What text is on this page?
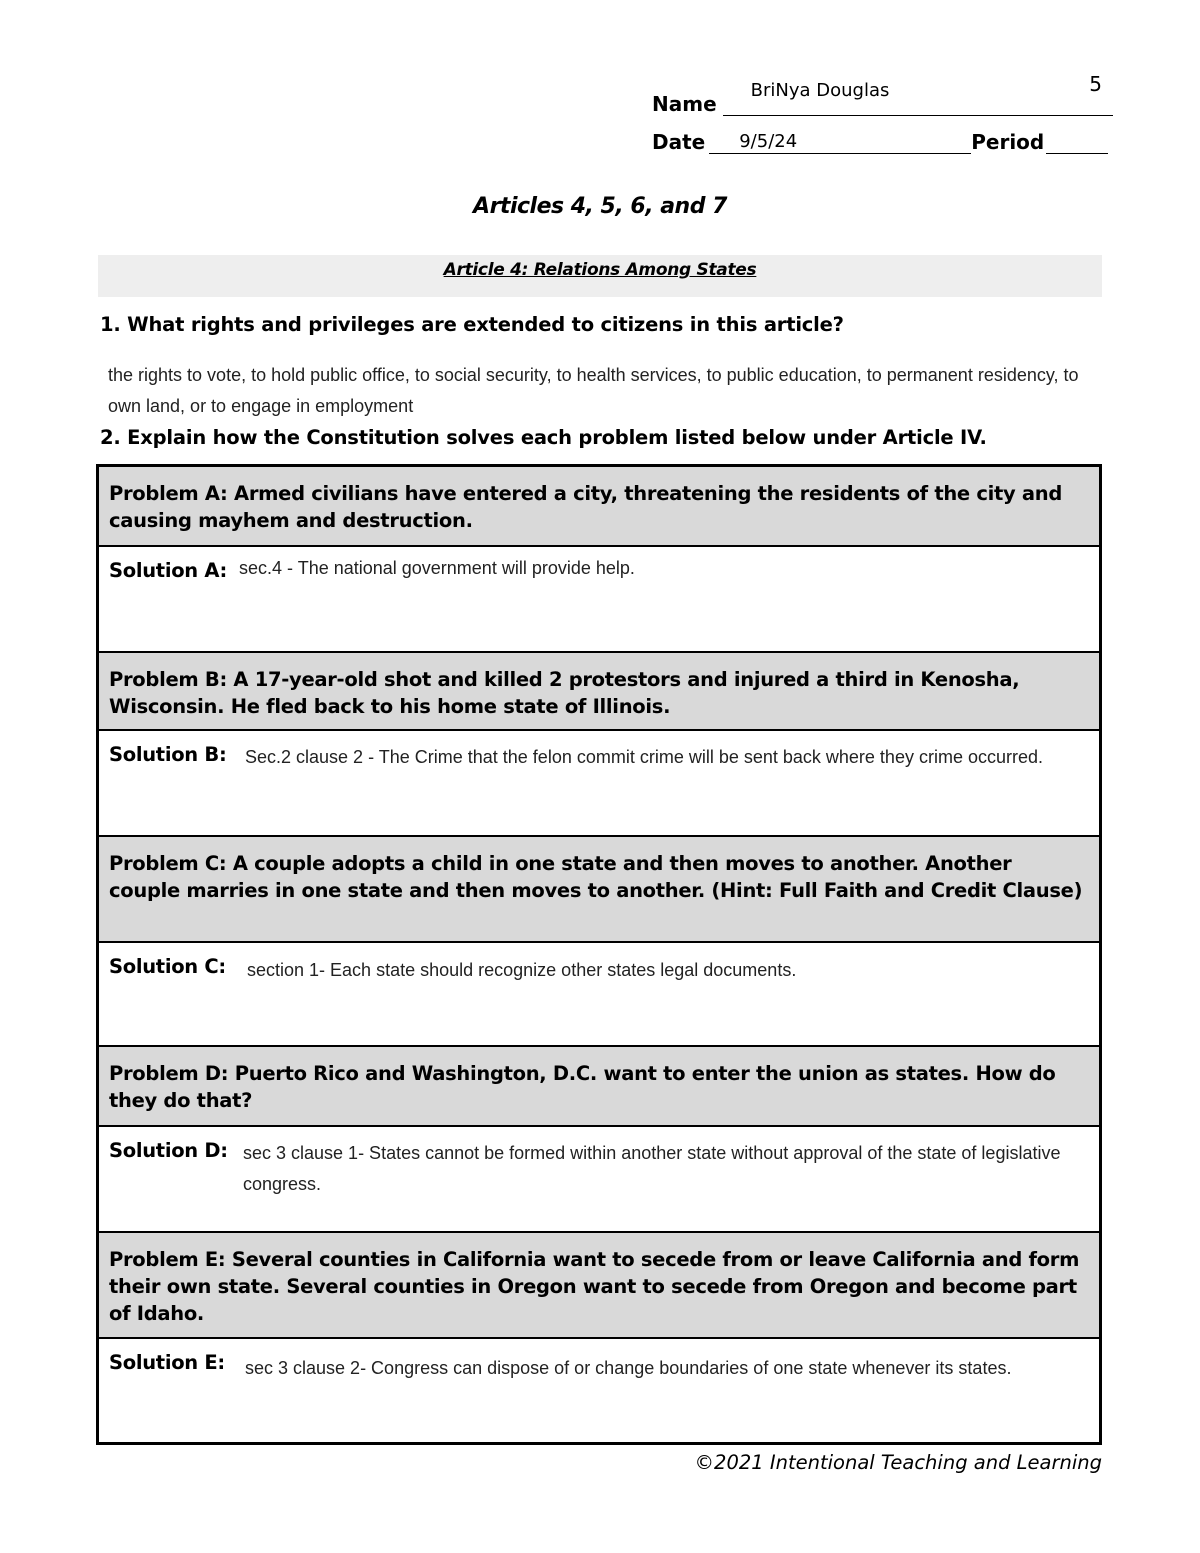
5
Name
BriNya Douglas
Date 9/5/24	Period
Articles 4, 5, 6, and 7
Article 4: Relations Among States
1. What rights and privileges are extended to citizens in this article?
the rights to vote, to hold public office, to social security, to health services, to public education, to permanent residency, to own land, or to engage in employment
2. Explain how the Constitution solves each problem listed below under Article IV.
Problem A: Armed civilians have entered a city, threatening the residents of the city and causing mayhem and destruction.
Solution A: sec.4 - The national government will provide help.
Problem B: A 17-year-old shot and killed 2 protestors and injured a third in Kenosha, Wisconsin. He fled back to his home state of Illinois.
Solution B:	Sec.2 clause 2 - The Crime that the felon commit crime will be sent back where they crime occurred.
Problem C: A couple adopts a child in one state and then moves to another. Another couple marries in one state and then moves to another. (Hint: Full Faith and Credit Clause)
Solution C:	section 1- Each state should recognize other states legal documents.
Problem D: Puerto Rico and Washington, D.C. want to enter the union as states. How do they do that?
Solution D: sec 3 clause 1- States cannot be formed within another state without approval of the state of legislative congress.
Problem E: Several counties in California want to secede from or leave California and form their own state. Several counties in Oregon want to secede from Oregon and become part of Idaho.
Solution E:	sec 3 clause 2- Congress can dispose of or change boundaries of one state whenever its states.
©2021 Intentional Teaching and Learning
